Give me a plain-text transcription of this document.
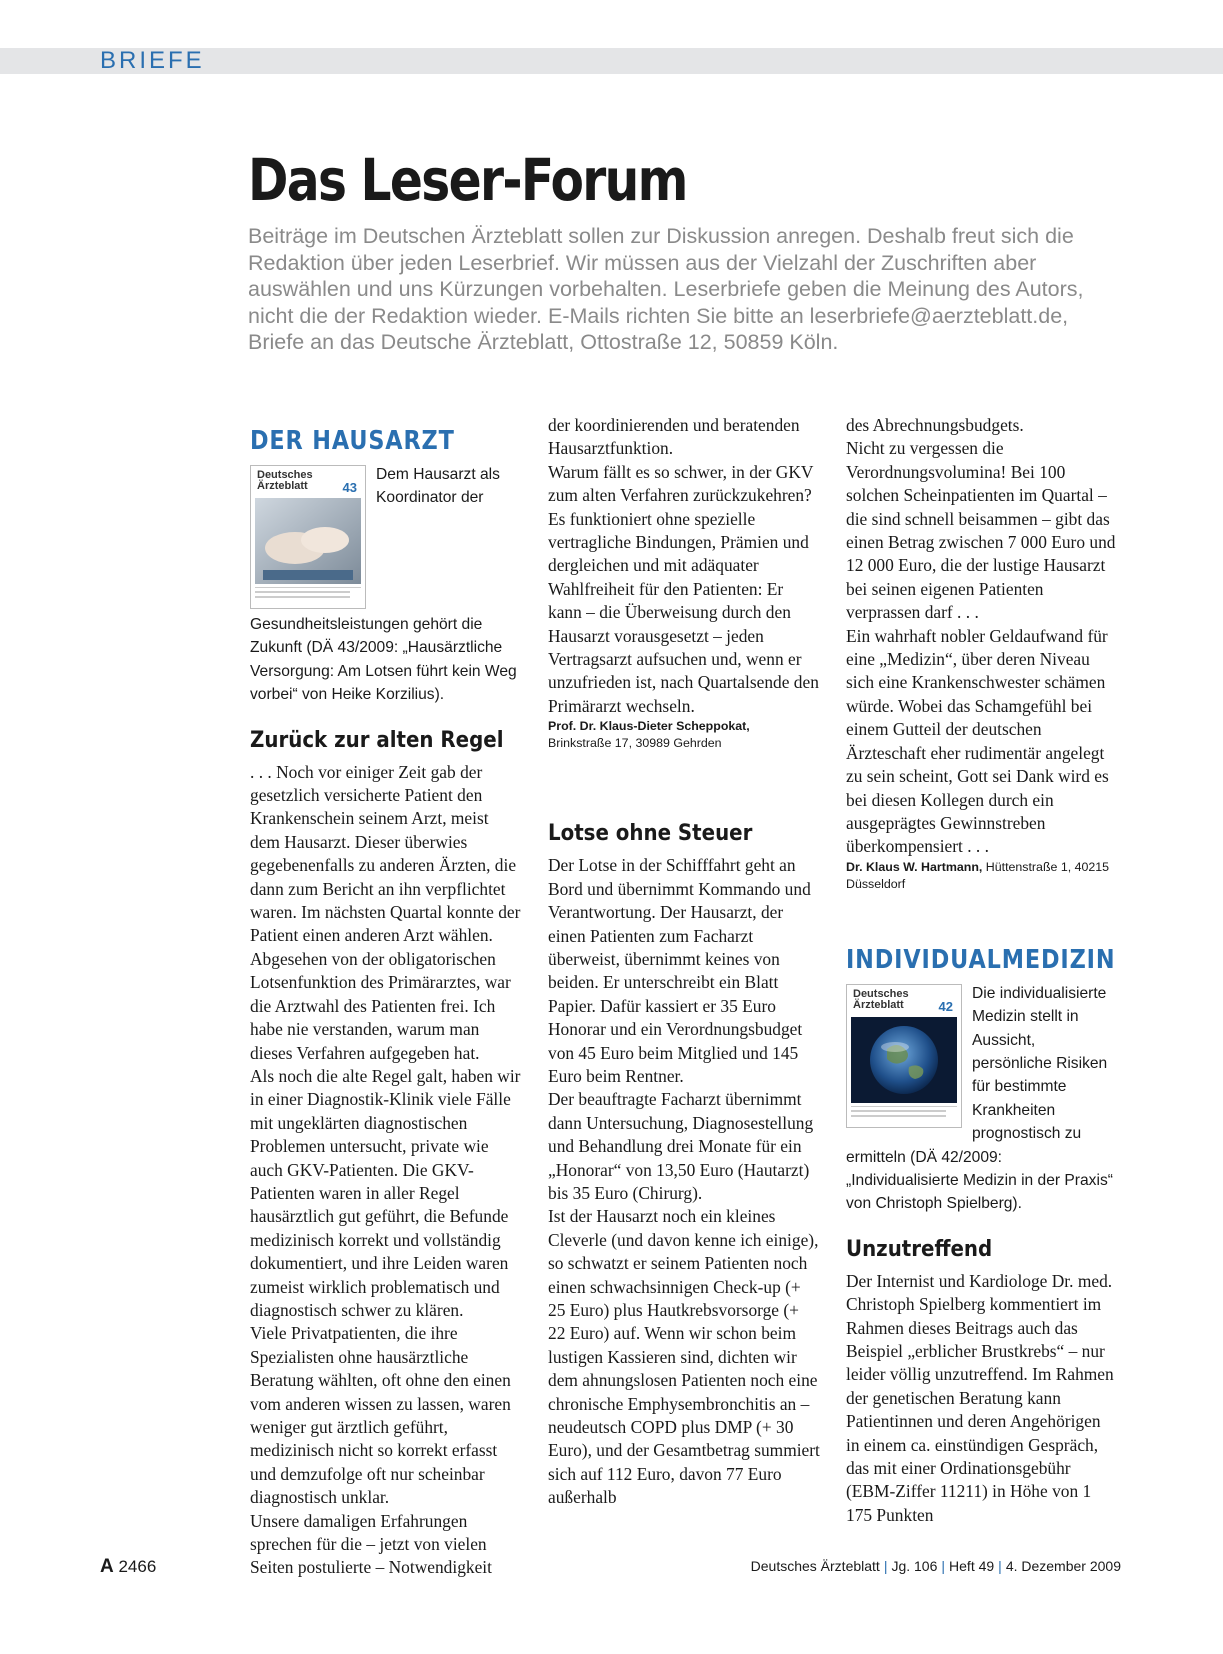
BRIEFE
Das Leser-Forum

Beiträge im Deutschen Ärzteblatt sollen zur Diskussion anregen. Deshalb freut sich die Redaktion über jeden Leserbrief. Wir müssen aus der Vielzahl der Zuschriften aber auswählen und uns Kürzungen vorbehalten. Leserbriefe geben die Meinung des Autors, nicht die der Redaktion wieder. E-Mails richten Sie bitte an leserbriefe@aerzteblatt.de, Briefe an das Deutsche Ärzteblatt, Ottostraße 12, 50859 Köln.

DER HAUSARZT
Deutsches Ärzteblatt	43

Dem Hausarzt als Koordinator der Gesundheitsleistungen gehört die Zukunft (DÄ 43/2009: „Hausärztliche Versorgung: Am Lotsen führt kein Weg vorbei“ von Heike Korzilius).

Zurück zur alten Regel

. . . Noch vor einiger Zeit gab der gesetzlich versicherte Patient den Krankenschein seinem Arzt, meist dem Hausarzt. Dieser überwies gegebenenfalls zu anderen Ärzten, die dann zum Bericht an ihn verpflichtet waren. Im nächsten Quartal konnte der Patient einen anderen Arzt wählen. Abgesehen von der obligatorischen Lotsenfunktion des Primärarztes, war die Arztwahl des Patienten frei. Ich habe nie verstanden, warum man dieses Verfahren aufgegeben hat.

Als noch die alte Regel galt, haben wir in einer Diagnostik-Klinik viele Fälle mit ungeklärten diagnostischen Problemen untersucht, private wie auch GKV-Patienten. Die GKV-Patienten waren in aller Regel hausärztlich gut geführt, die Befunde medizinisch korrekt und vollständig dokumentiert, und ihre Leiden waren zumeist wirklich problematisch und diagnostisch schwer zu klären.

Viele Privatpatienten, die ihre Spezialisten ohne hausärztliche Beratung wählten, oft ohne den einen vom anderen wissen zu lassen, waren weniger gut ärztlich geführt, medizinisch nicht so korrekt erfasst und demzufolge oft nur scheinbar diagnostisch unklar.

Unsere damaligen Erfahrungen sprechen für die – jetzt von vielen Seiten postulierte – Notwendigkeit

der koordinierenden und beratenden Hausarztfunktion.

Warum fällt es so schwer, in der GKV zum alten Verfahren zurückzukehren? Es funktioniert ohne spezielle vertragliche Bindungen, Prämien und dergleichen und mit adäquater Wahlfreiheit für den Patienten: Er kann – die Überweisung durch den Hausarzt vorausgesetzt – jeden Vertragsarzt aufsuchen und, wenn er unzufrieden ist, nach Quartalsende den Primärarzt wechseln.

Prof. Dr. Klaus-Dieter Scheppokat,
Brinkstraße 17, 30989 Gehrden

Lotse ohne Steuer

Der Lotse in der Schifffahrt geht an Bord und übernimmt Kommando und Verantwortung. Der Hausarzt, der einen Patienten zum Facharzt überweist, übernimmt keines von beiden. Er unterschreibt ein Blatt Papier. Dafür kassiert er 35 Euro Honorar und ein Verordnungsbudget von 45 Euro beim Mitglied und 145 Euro beim Rentner.

Der beauftragte Facharzt übernimmt dann Untersuchung, Diagnosestellung und Behandlung drei Monate für ein „Honorar“ von 13,50 Euro (Hautarzt) bis 35 Euro (Chirurg).

Ist der Hausarzt noch ein kleines Cleverle (und davon kenne ich einige), so schwatzt er seinem Patienten noch einen schwachsinnigen Check-up (+ 25 Euro) plus Hautkrebsvorsorge (+ 22 Euro) auf. Wenn wir schon beim lustigen Kassieren sind, dichten wir dem ahnungslosen Patienten noch eine chronische Emphysembronchitis an – neudeutsch COPD plus DMP (+ 30 Euro), und der Gesamtbetrag summiert sich auf 112 Euro, davon 77 Euro außerhalb

des Abrechnungsbudgets.

Nicht zu vergessen die Verordnungsvolumina! Bei 100 solchen Scheinpatienten im Quartal – die sind schnell beisammen – gibt das einen Betrag zwischen 7 000 Euro und 12 000 Euro, die der lustige Hausarzt bei seinen eigenen Patienten verprassen darf . . .

Ein wahrhaft nobler Geldaufwand für eine „Medizin“, über deren Niveau sich eine Krankenschwester schämen würde. Wobei das Schamgefühl bei einem Gutteil der deutschen Ärzteschaft eher rudimentär angelegt zu sein scheint, Gott sei Dank wird es bei diesen Kollegen durch ein ausgeprägtes Gewinnstreben überkompensiert . . .

Dr. Klaus W. Hartmann, Hüttenstraße 1, 40215 Düsseldorf

INDIVIDUALMEDIZIN
Deutsches Ärzteblatt	42

Die individualisierte Medizin stellt in Aussicht, persönliche Risiken für bestimmte Krankheiten prognostisch zu ermitteln (DÄ 42/2009: „Individualisierte Medizin in der Praxis“ von Christoph Spielberg).

Unzutreffend

Der Internist und Kardiologe Dr. med. Christoph Spielberg kommentiert im Rahmen dieses Beitrags auch das Beispiel „erblicher Brustkrebs“ – nur leider völlig unzutreffend. Im Rahmen der genetischen Beratung kann Patientinnen und deren Angehörigen in einem ca. einstündigen Gespräch, das mit einer Ordinationsgebühr (EBM-Ziffer 11211) in Höhe von 1 175 Punkten

A 2466	Deutsches Ärzteblatt | Jg. 106 | Heft 49 | 4. Dezember 2009
